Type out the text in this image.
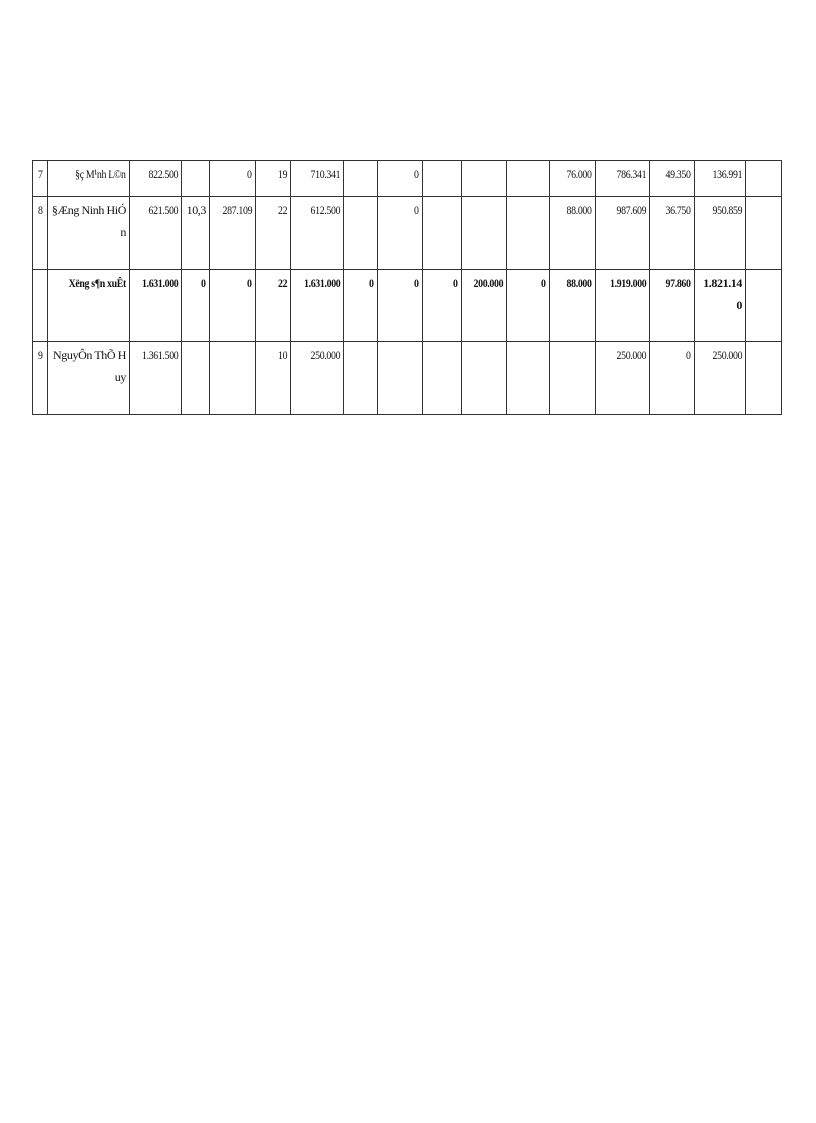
7	§ç M¹nh L©n	822.500		0	19	710.341		0				76.000	786.341	49.350	136.991	
8	§Æng Ninh HiÓn	621.500	10,3	287.109	22	612.500		0				88.000	987.609	36.750	950.859	
	Xëng s¶n xuÊt	1.631.000	0	0	22	1.631.000	0	0	0	200.000	0	88.000	1.919.000	97.860	1.821.140	

9	NguyÔn ThÕ Huy	1.361.500			10	250.000							250.000	0	250.000	
